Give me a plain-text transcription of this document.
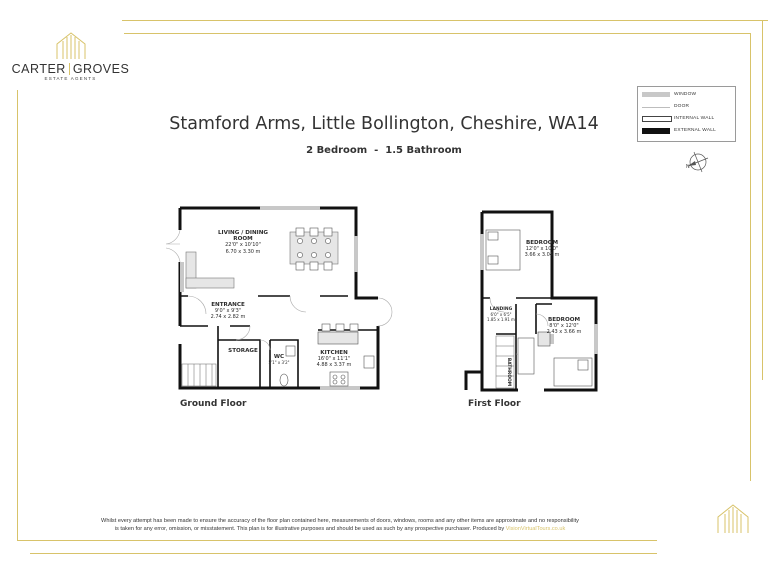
CARTER GROVES
ESTATE AGENTS
Stamford Arms, Little Bollington, Cheshire, WA14
2 Bedroom  -  1.5 Bathroom
WINDOW
DOOR
INTERNAL WALL
EXTERNAL WALL
N
LIVING / DINING ROOM
22'0" x 10'10"
6.70 x 3.30 m
ENTRANCE
9'0" x 9'3"
2.74 x 2.82 m
STORAGE
WC
5'1" x 3'2"
KITCHEN
16'0" x 11'1"
4.88 x 3.37 m
Ground Floor
BEDROOM
12'0" x 10'0"
3.66 x 3.04 m
LANDING
6'0" x 6'5"
1.85 x 1.91 m
BATHROOM
BEDROOM
8'0" x 12'0"
2.43 x 3.66 m
First Floor
Whilst every attempt has been made to ensure the accuracy of the floor plan contained here, measurements of doors, windows, rooms and any other items are approximate and no responsibility
is taken for any error, omission, or misstatement. This plan is for illustrative purposes and should be used as such by any prospective purchaser. Produced by VisionVirtualTours.co.uk
